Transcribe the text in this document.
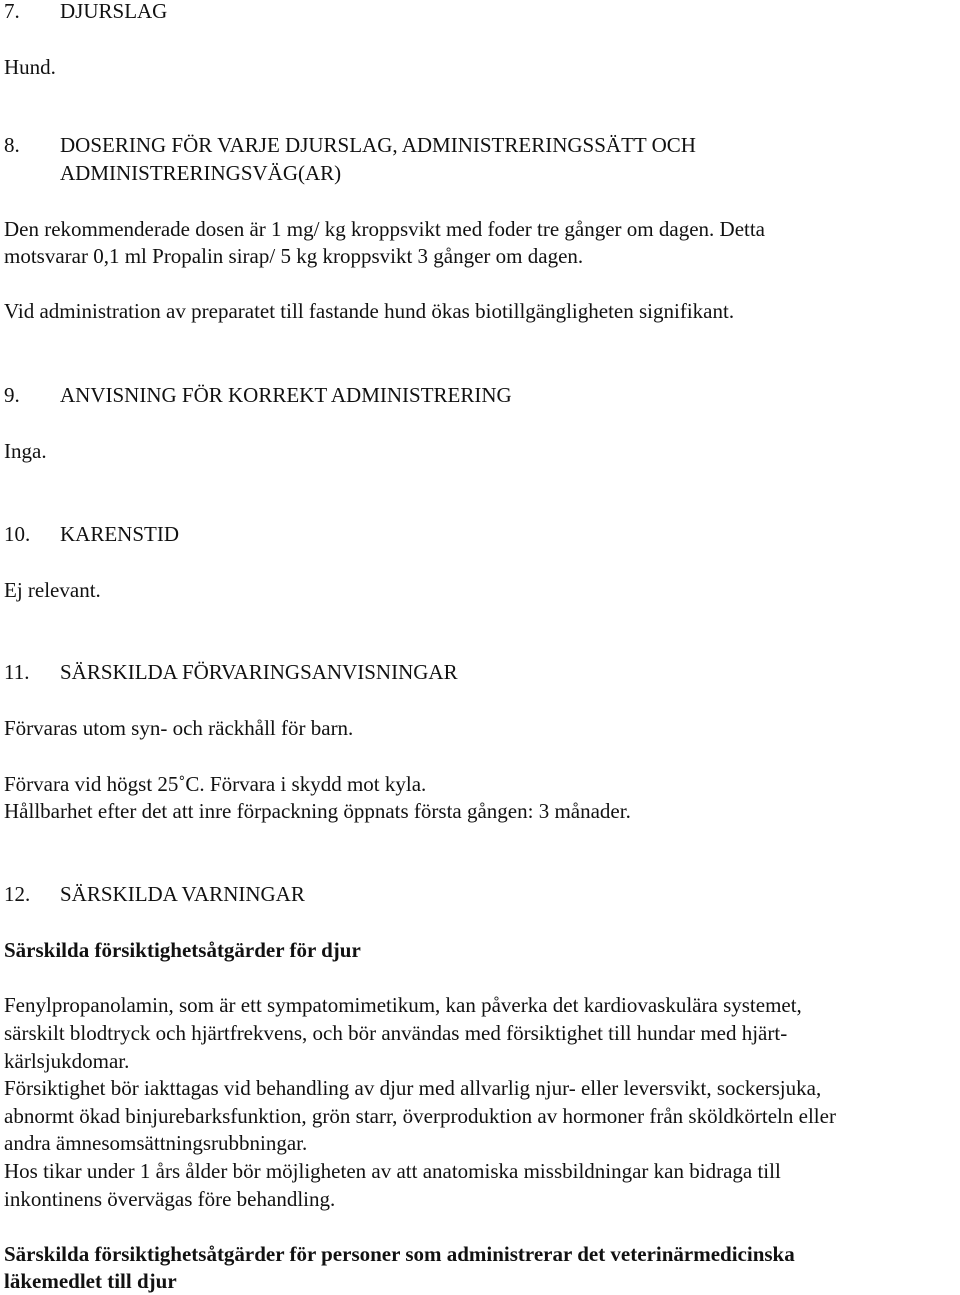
7. DJURSLAG
Hund.
8. DOSERING FÖR VARJE DJURSLAG, ADMINISTRERINGSSÄTT OCH
ADMINISTRERINGSVÄG(AR)
Den rekommenderade dosen är 1 mg/ kg kroppsvikt med foder tre gånger om dagen. Detta
motsvarar 0,1 ml Propalin sirap/ 5 kg kroppsvikt 3 gånger om dagen.
Vid administration av preparatet till fastande hund ökas biotillgängligheten signifikant.
9. ANVISNING FÖR KORREKT ADMINISTRERING
Inga.
10. KARENSTID
Ej relevant.
11. SÄRSKILDA FÖRVARINGSANVISNINGAR
Förvaras utom syn- och räckhåll för barn.
Förvara vid högst 25˚C. Förvara i skydd mot kyla.
Hållbarhet efter det att inre förpackning öppnats första gången: 3 månader.
12. SÄRSKILDA VARNINGAR
Särskilda försiktighetsåtgärder för djur
Fenylpropanolamin, som är ett sympatomimetikum, kan påverka det kardiovaskulära systemet,
särskilt blodtryck och hjärtfrekvens, och bör användas med försiktighet till hundar med hjärt-
kärlsjukdomar.
Försiktighet bör iakttagas vid behandling av djur med allvarlig njur- eller leversvikt, sockersjuka,
abnormt ökad binjurebarksfunktion, grön starr, överproduktion av hormoner från sköldkörteln eller
andra ämnesomsättningsrubbningar.
Hos tikar under 1 års ålder bör möjligheten av att anatomiska missbildningar kan bidraga till
inkontinens övervägas före behandling.
Särskilda försiktighetsåtgärder för personer som administrerar det veterinärmedicinska
läkemedlet till djur
